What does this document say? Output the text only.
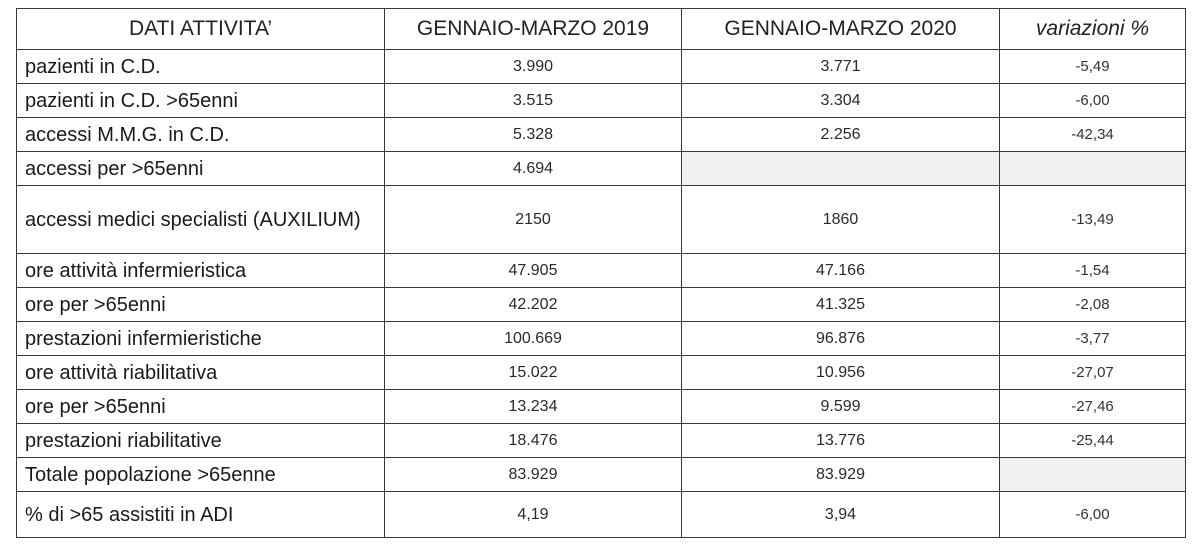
DATI ATTIVITA’	GENNAIO-MARZO 2019	GENNAIO-MARZO 2020	variazioni %
pazienti in C.D.	3.990	3.771	-5,49
pazienti in C.D. >65enni	3.515	3.304	-6,00
accessi M.M.G. in C.D.	5.328	2.256	-42,34
accessi per >65enni	4.694		
accessi medici specialisti (AUXILIUM)	2150	1860	-13,49
ore attività infermieristica	47.905	47.166	-1,54
ore per >65enni	42.202	41.325	-2,08
prestazioni infermieristiche	100.669	96.876	-3,77
ore attività riabilitativa	15.022	10.956	-27,07
ore per >65enni	13.234	9.599	-27,46
prestazioni riabilitative	18.476	13.776	-25,44
Totale popolazione >65enne	83.929	83.929	
% di >65 assistiti in ADI	4,19	3,94	-6,00
